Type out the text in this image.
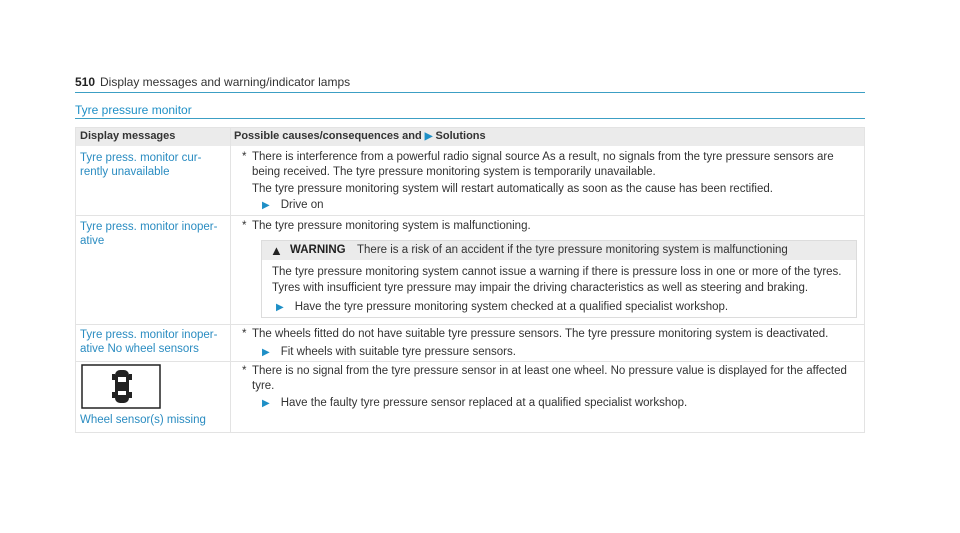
510 Display messages and warning/indicator lamps
Tyre pressure monitor
Display messages	Possible causes/consequences and ▶ Solutions
Tyre press. monitor cur-
rently unavailable
* There is interference from a powerful radio signal source As a result, no signals from the tyre pressure sensors are
being received. The tyre pressure monitoring system is temporarily unavailable.
The tyre pressure monitoring system will restart automatically as soon as the cause has been rectified.
▶ Drive on
Tyre press. monitor inoper-
ative
* The tyre pressure monitoring system is malfunctioning.
▲ WARNING There is a risk of an accident if the tyre pressure monitoring system is malfunctioning
The tyre pressure monitoring system cannot issue a warning if there is pressure loss in one or more of the tyres.
Tyres with insufficient tyre pressure may impair the driving characteristics as well as steering and braking.
▶ Have the tyre pressure monitoring system checked at a qualified specialist workshop.
Tyre press. monitor inoper-
ative No wheel sensors
* The wheels fitted do not have suitable tyre pressure sensors. The tyre pressure monitoring system is deactivated.
▶ Fit wheels with suitable tyre pressure sensors.
Wheel sensor(s) missing
* There is no signal from the tyre pressure sensor in at least one wheel. No pressure value is displayed for the affected
tyre.
▶ Have the faulty tyre pressure sensor replaced at a qualified specialist workshop.
